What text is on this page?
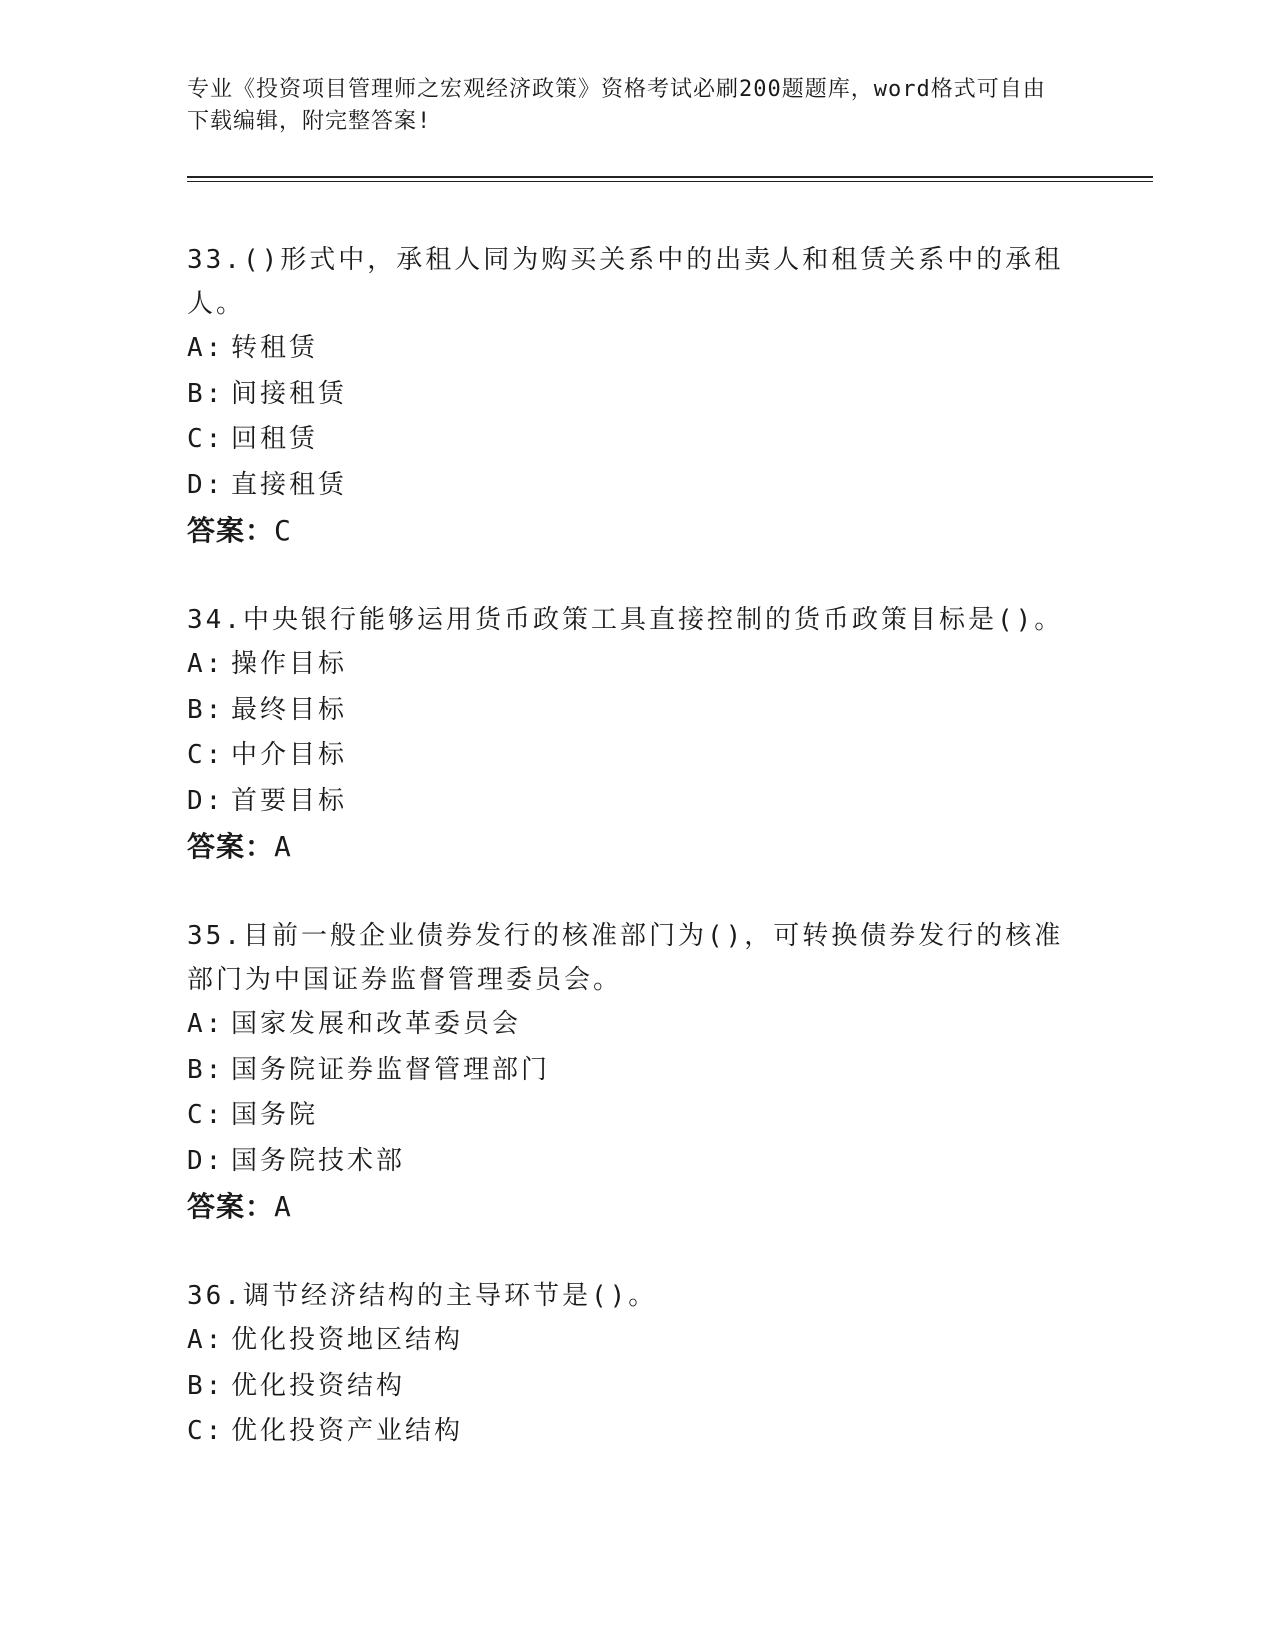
专业《投资项目管理师之宏观经济政策》资格考试必刷200题题库，word格式可自由下载编辑，附完整答案!

33.()形式中，承租人同为购买关系中的出卖人和租赁关系中的承租人。

A: 转租赁

B: 间接租赁

C: 回租赁

D: 直接租赁

答案：C

34.中央银行能够运用货币政策工具直接控制的货币政策目标是()。

A: 操作目标

B: 最终目标

C: 中介目标

D: 首要目标

答案：A

35.目前一般企业债券发行的核准部门为()，可转换债券发行的核准部门为中国证券监督管理委员会。

A: 国家发展和改革委员会

B: 国务院证券监督管理部门

C: 国务院

D: 国务院技术部

答案：A

36.调节经济结构的主导环节是()。

A: 优化投资地区结构

B: 优化投资结构

C: 优化投资产业结构
